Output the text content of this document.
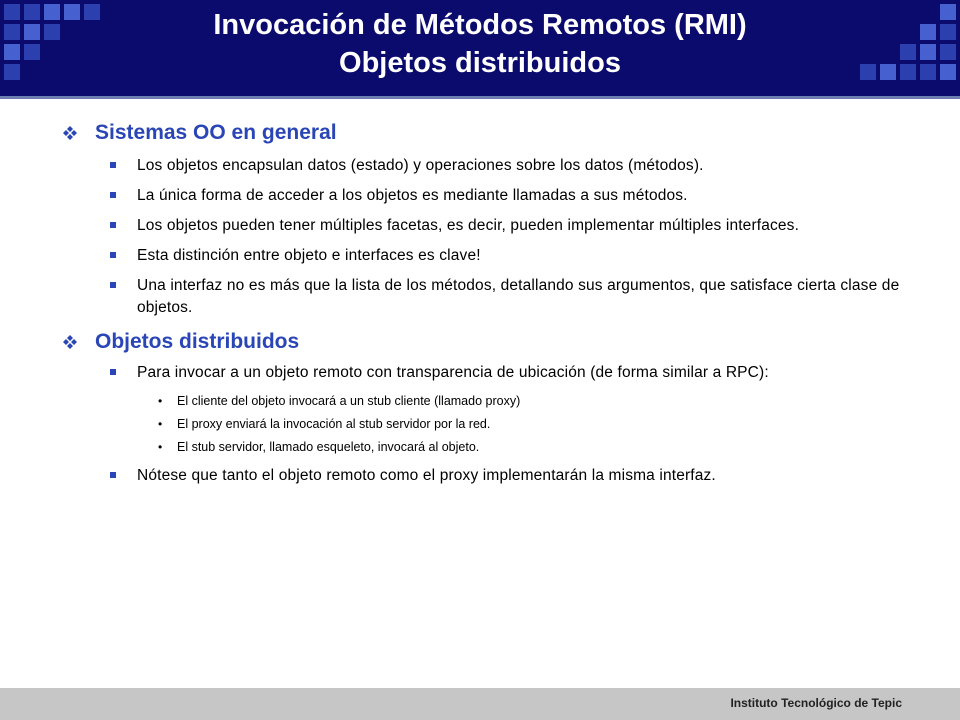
Invocación de Métodos Remotos (RMI)
Objetos distribuidos
Sistemas OO en general
Los objetos encapsulan datos (estado) y operaciones sobre los datos (métodos).
La única forma de acceder a los objetos es mediante llamadas a sus métodos.
Los objetos pueden tener múltiples facetas, es decir, pueden implementar múltiples interfaces.
Esta distinción entre objeto e interfaces es clave!
Una interfaz no es más que la lista de los métodos, detallando sus argumentos, que satisface cierta clase de objetos.
Objetos distribuidos
Para invocar a un objeto remoto con transparencia de ubicación (de forma similar a RPC):
• El cliente del objeto invocará a un stub cliente (llamado proxy)
• El proxy enviará la invocación al stub servidor por la red.
• El stub servidor, llamado esqueleto, invocará al objeto.
Nótese que tanto el objeto remoto como el proxy implementarán la misma interfaz.
Instituto Tecnológico de Tepic
